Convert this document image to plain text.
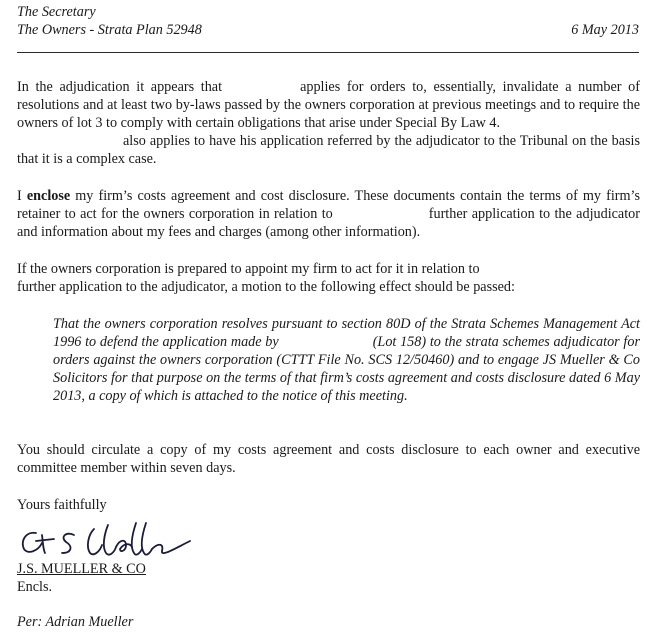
The Secretary
The Owners - Strata Plan 52948	6 May 2013

In the adjudication it appears that	applies for orders to, essentially, invalidate a number of resolutions and at least two by-laws passed by the owners corporation at previous meetings and to require the owners of lot 3 to comply with certain obligations that arise under Special By Law 4.
also applies to have his application referred by the adjudicator to the Tribunal on the basis that it is a complex case.

I enclose my firm’s costs agreement and cost disclosure. These documents contain the terms of my firm’s retainer to act for the owners corporation in relation to	further application to the adjudicator and information about my fees and charges (among other information).

If the owners corporation is prepared to appoint my firm to act for it in relation to
further application to the adjudicator, a motion to the following effect should be passed:

That the owners corporation resolves pursuant to section 80D of the Strata Schemes Management Act 1996 to defend the application made by	(Lot 158) to the strata schemes adjudicator for orders against the owners corporation (CTTT File No. SCS 12/50460) and to engage JS Mueller & Co Solicitors for that purpose on the terms of that firm’s costs agreement and costs disclosure dated 6 May 2013, a copy of which is attached to the notice of this meeting.

You should circulate a copy of my costs agreement and costs disclosure to each owner and executive committee member within seven days.

Yours faithfully
J.S. MUELLER & CO
Encls.
Per: Adrian Mueller
